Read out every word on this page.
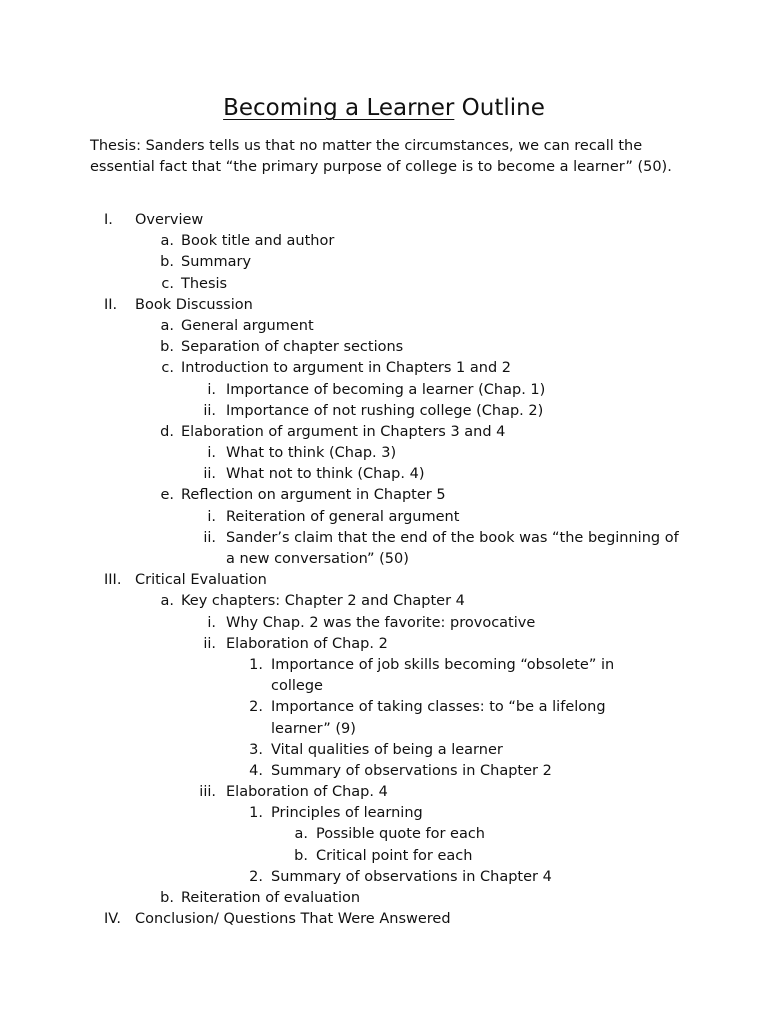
Becoming a Learner Outline
Thesis: Sanders tells us that no matter the circumstances, we can recall the essential fact that “the primary purpose of college is to become a learner” (50).
I.	Overview
a. Book title and author
b. Summary
c. Thesis
II.	Book Discussion
a. General argument
b. Separation of chapter sections
c. Introduction to argument in Chapters 1 and 2
i. Importance of becoming a learner (Chap. 1)
ii. Importance of not rushing college (Chap. 2)
d. Elaboration of argument in Chapters 3 and 4
i. What to think (Chap. 3)
ii. What not to think (Chap. 4)
e. Reflection on argument in Chapter 5
i. Reiteration of general argument
ii. Sander’s claim that the end of the book was “the beginning of a new conversation” (50)
III. Critical Evaluation
a. Key chapters: Chapter 2 and Chapter 4
i. Why Chap. 2 was the favorite: provocative
ii. Elaboration of Chap. 2
1. Importance of job skills becoming “obsolete” in college
2. Importance of taking classes: to “be a lifelong learner” (9)
3. Vital qualities of being a learner
4. Summary of observations in Chapter 2
iii. Elaboration of Chap. 4
1. Principles of learning
a. Possible quote for each
b. Critical point for each
2. Summary of observations in Chapter 4
b. Reiteration of evaluation
IV. Conclusion/ Questions That Were Answered
